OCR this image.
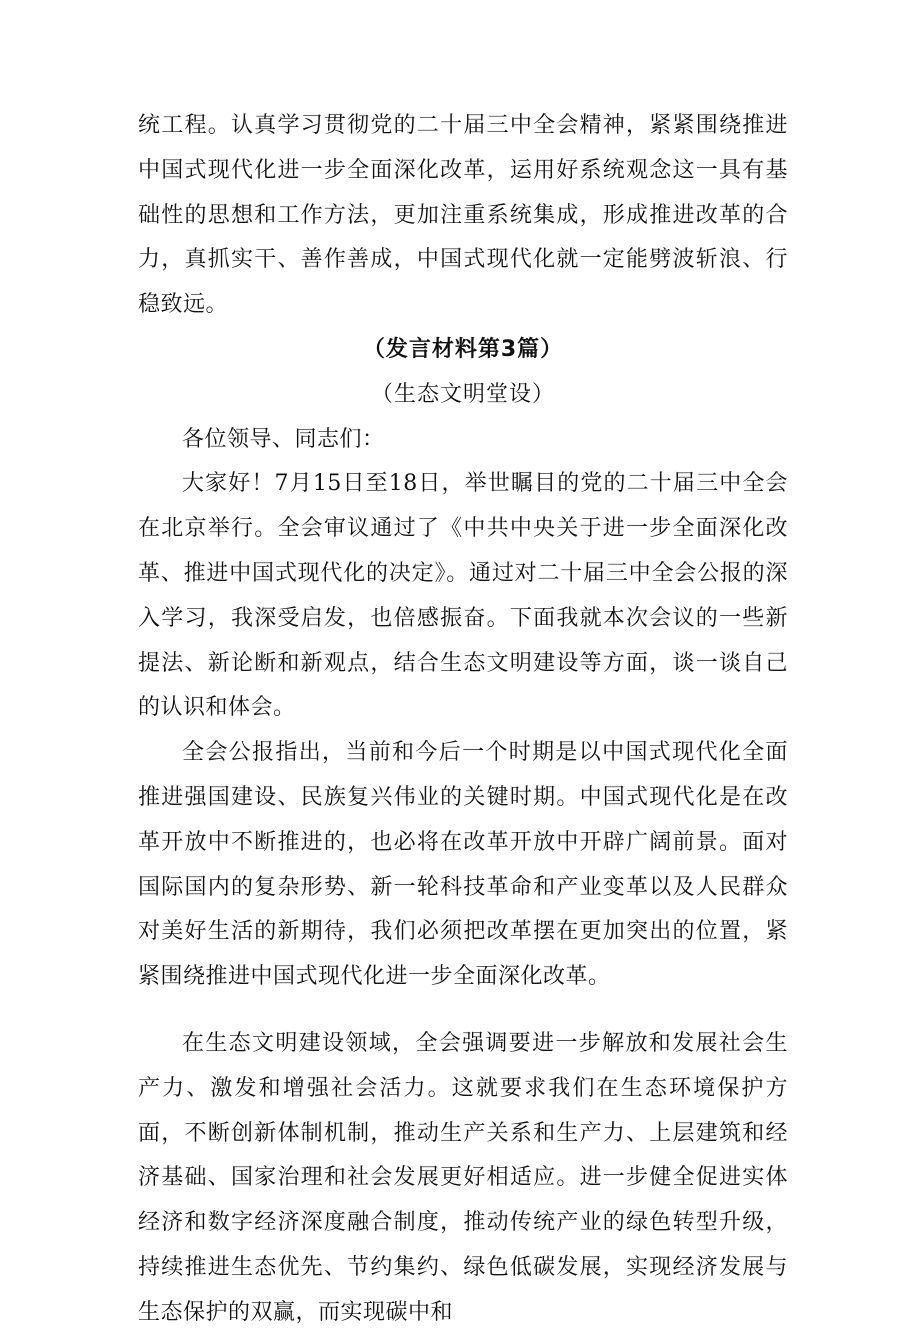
统工程。认真学习贯彻党的二十届三中全会精神，紧紧围绕推进中国式现代化进一步全面深化改革，运用好系统观念这一具有基础性的思想和工作方法，更加注重系统集成，形成推进改革的合力，真抓实干、善作善成，中国式现代化就一定能劈波斩浪、行稳致远。

（发言材料第3篇）

（生态文明堂设）

各位领导、同志们：

大家好！7月15日至18日，举世瞩目的党的二十届三中全会在北京举行。全会审议通过了《中共中央关于进一步全面深化改革、推进中国式现代化的决定》。通过对二十届三中全会公报的深入学习，我深受启发，也倍感振奋。下面我就本次会议的一些新提法、新论断和新观点，结合生态文明建设等方面，谈一谈自己的认识和体会。

全会公报指出，当前和今后一个时期是以中国式现代化全面推进强国建设、民族复兴伟业的关键时期。中国式现代化是在改革开放中不断推进的，也必将在改革开放中开辟广阔前景。面对国际国内的复杂形势、新一轮科技革命和产业变革以及人民群众对美好生活的新期待，我们必须把改革摆在更加突出的位置，紧紧围绕推进中国式现代化进一步全面深化改革。

在生态文明建设领域，全会强调要进一步解放和发展社会生产力、激发和增强社会活力。这就要求我们在生态环境保护方面，不断创新体制机制，推动生产关系和生产力、上层建筑和经济基础、国家治理和社会发展更好相适应。进一步健全促进实体经济和数字经济深度融合制度，推动传统产业的绿色转型升级，持续推进生态优先、节约集约、绿色低碳发展，实现经济发展与生态保护的双赢，而实现碳中和
